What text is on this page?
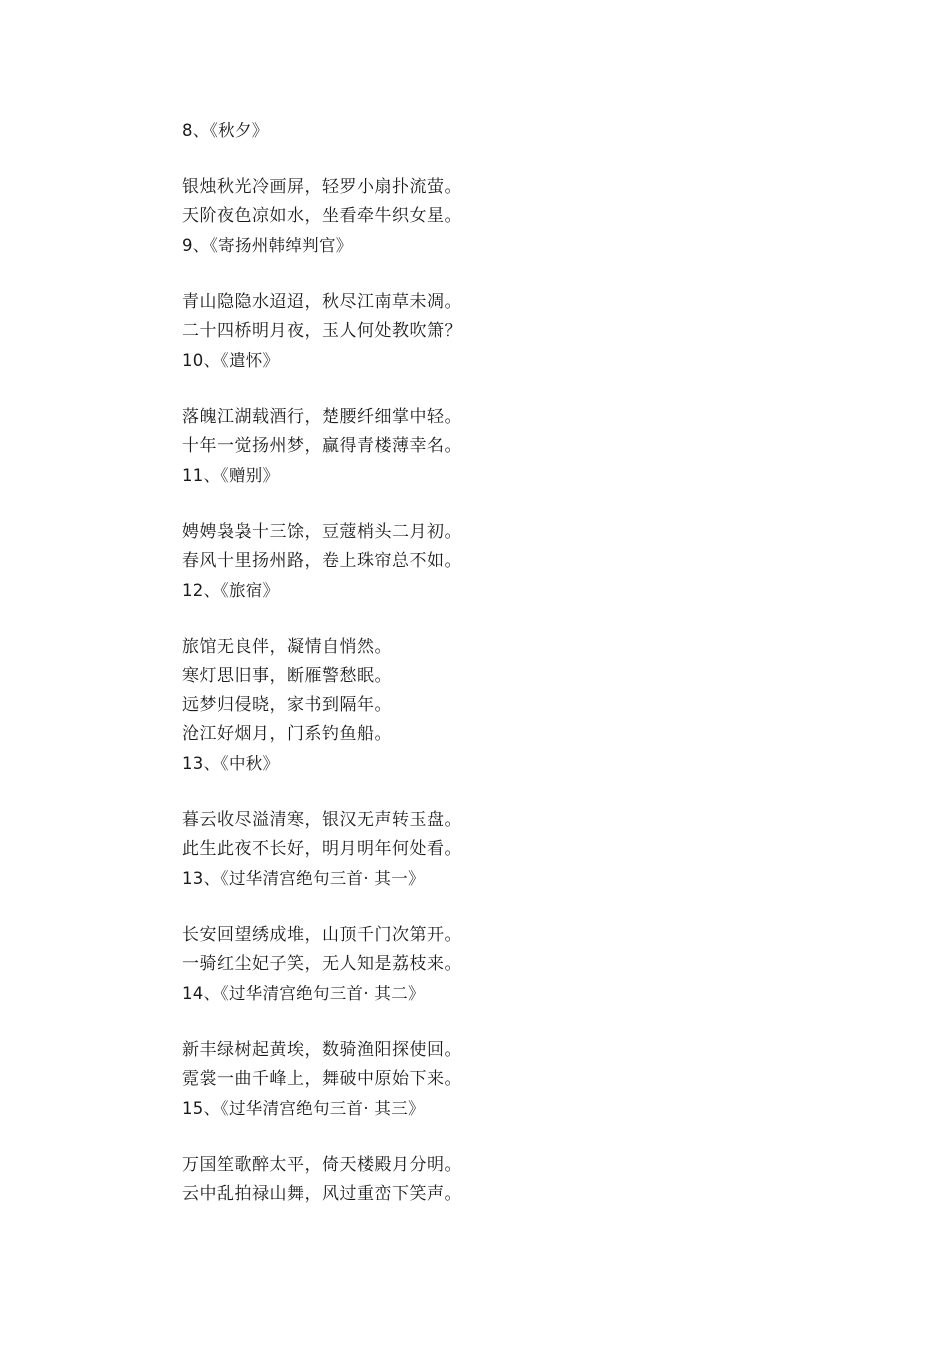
8、《秋夕》
银烛秋光冷画屏，轻罗小扇扑流萤。
天阶夜色凉如水，坐看牵牛织女星。
9、《寄扬州韩绰判官》
青山隐隐水迢迢，秋尽江南草未凋。
二十四桥明月夜，玉人何处教吹箫？
10、《遣怀》
落魄江湖载酒行，楚腰纤细掌中轻。
十年一觉扬州梦，赢得青楼薄幸名。
11、《赠别》
娉娉袅袅十三馀，豆蔻梢头二月初。
春风十里扬州路，卷上珠帘总不如。
12、《旅宿》
旅馆无良伴，凝情自悄然。
寒灯思旧事，断雁警愁眠。
远梦归侵晓，家书到隔年。
沧江好烟月，门系钓鱼船。
13、《中秋》
暮云收尽溢清寒，银汉无声转玉盘。
此生此夜不长好，明月明年何处看。
13、《过华清宫绝句三首· 其一》
长安回望绣成堆，山顶千门次第开。
一骑红尘妃子笑，无人知是荔枝来。
14、《过华清宫绝句三首· 其二》
新丰绿树起黄埃，数骑渔阳探使回。
霓裳一曲千峰上，舞破中原始下来。
15、《过华清宫绝句三首· 其三》
万国笙歌醉太平，倚天楼殿月分明。
云中乱拍禄山舞，风过重峦下笑声。
